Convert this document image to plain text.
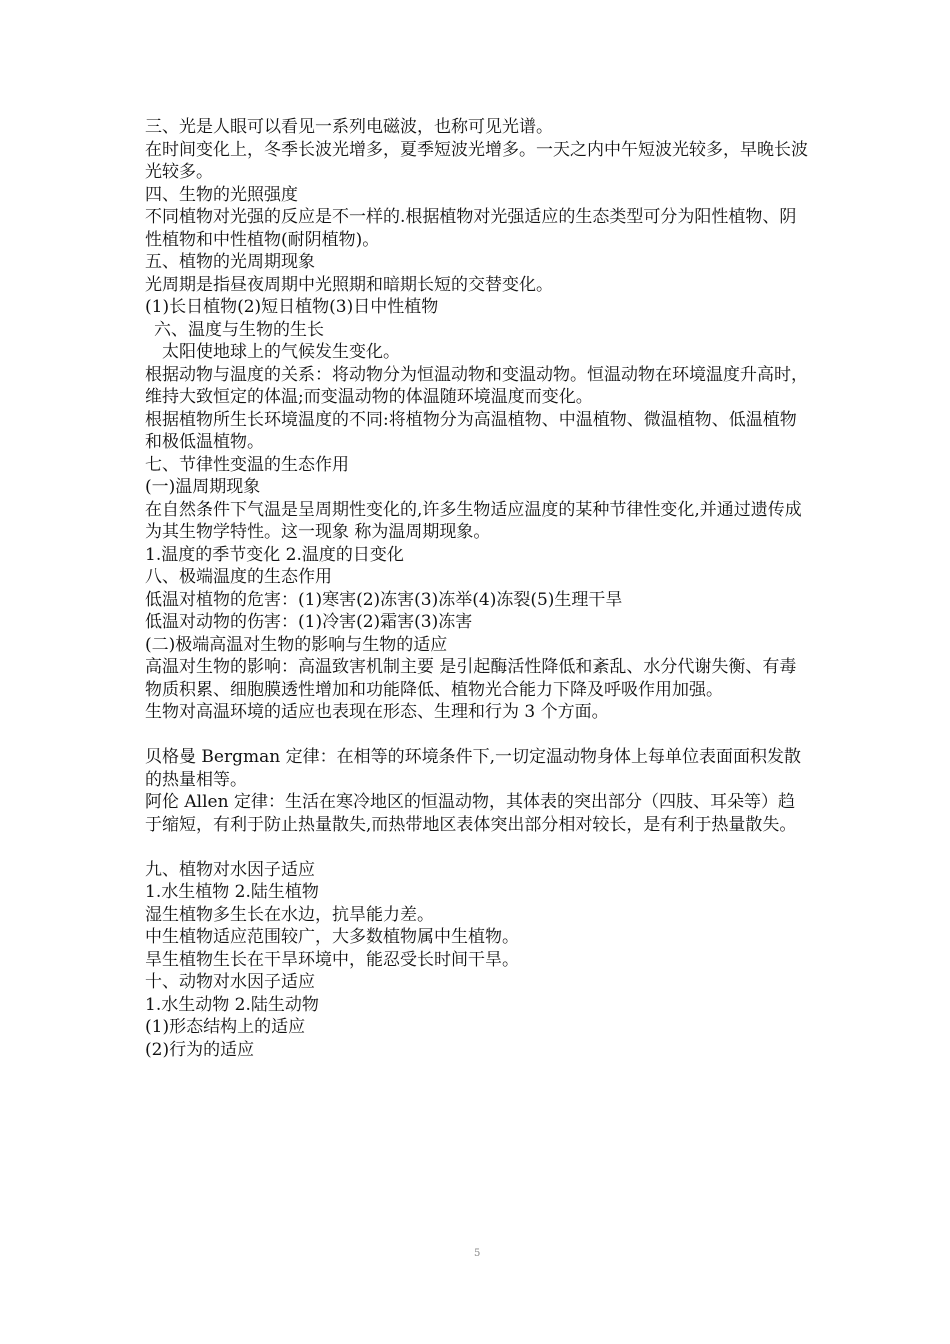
三、光是人眼可以看见一系列电磁波，也称可见光谱。

在时间变化上，冬季长波光增多，夏季短波光增多。一天之内中午短波光较多，早晚长波光较多。

四、生物的光照强度

不同植物对光强的反应是不一样的.根据植物对光强适应的生态类型可分为阳性植物、阴性植物和中性植物(耐阴植物)。

五、植物的光周期现象

光周期是指昼夜周期中光照期和暗期长短的交替变化。

(1)长日植物(2)短日植物(3)日中性植物

六、温度与生物的生长

太阳使地球上的气候发生变化。

根据动物与温度的关系：将动物分为恒温动物和变温动物。恒温动物在环境温度升高时，维持大致恒定的体温;而变温动物的体温随环境温度而变化。

根据植物所生长环境温度的不同:将植物分为高温植物、中温植物、微温植物、低温植物和极低温植物。

七、节律性变温的生态作用

(一)温周期现象

在自然条件下气温是呈周期性变化的,许多生物适应温度的某种节律性变化,并通过遗传成为其生物学特性。这一现象 称为温周期现象。

1.温度的季节变化 2.温度的日变化

八、极端温度的生态作用

低温对植物的危害：(1)寒害(2)冻害(3)冻举(4)冻裂(5)生理干旱

低温对动物的伤害：(1)冷害(2)霜害(3)冻害

(二)极端高温对生物的影响与生物的适应

高温对生物的影响：高温致害机制主要 是引起酶活性降低和紊乱、水分代谢失衡、有毒物质积累、细胞膜透性增加和功能降低、植物光合能力下降及呼吸作用加强。

生物对高温环境的适应也表现在形态、生理和行为 3 个方面。

贝格曼 Bergman 定律：在相等的环境条件下,一切定温动物身体上每单位表面面积发散的热量相等。

阿伦 Allen 定律：生活在寒冷地区的恒温动物，其体表的突出部分（四肢、耳朵等）趋于缩短，有利于防止热量散失,而热带地区表体突出部分相对较长，是有利于热量散失。

九、植物对水因子适应

1.水生植物 2.陆生植物

湿生植物多生长在水边，抗旱能力差。

中生植物适应范围较广，大多数植物属中生植物。

旱生植物生长在干旱环境中，能忍受长时间干旱。

十、动物对水因子适应

1.水生动物 2.陆生动物

(1)形态结构上的适应

(2)行为的适应

5
